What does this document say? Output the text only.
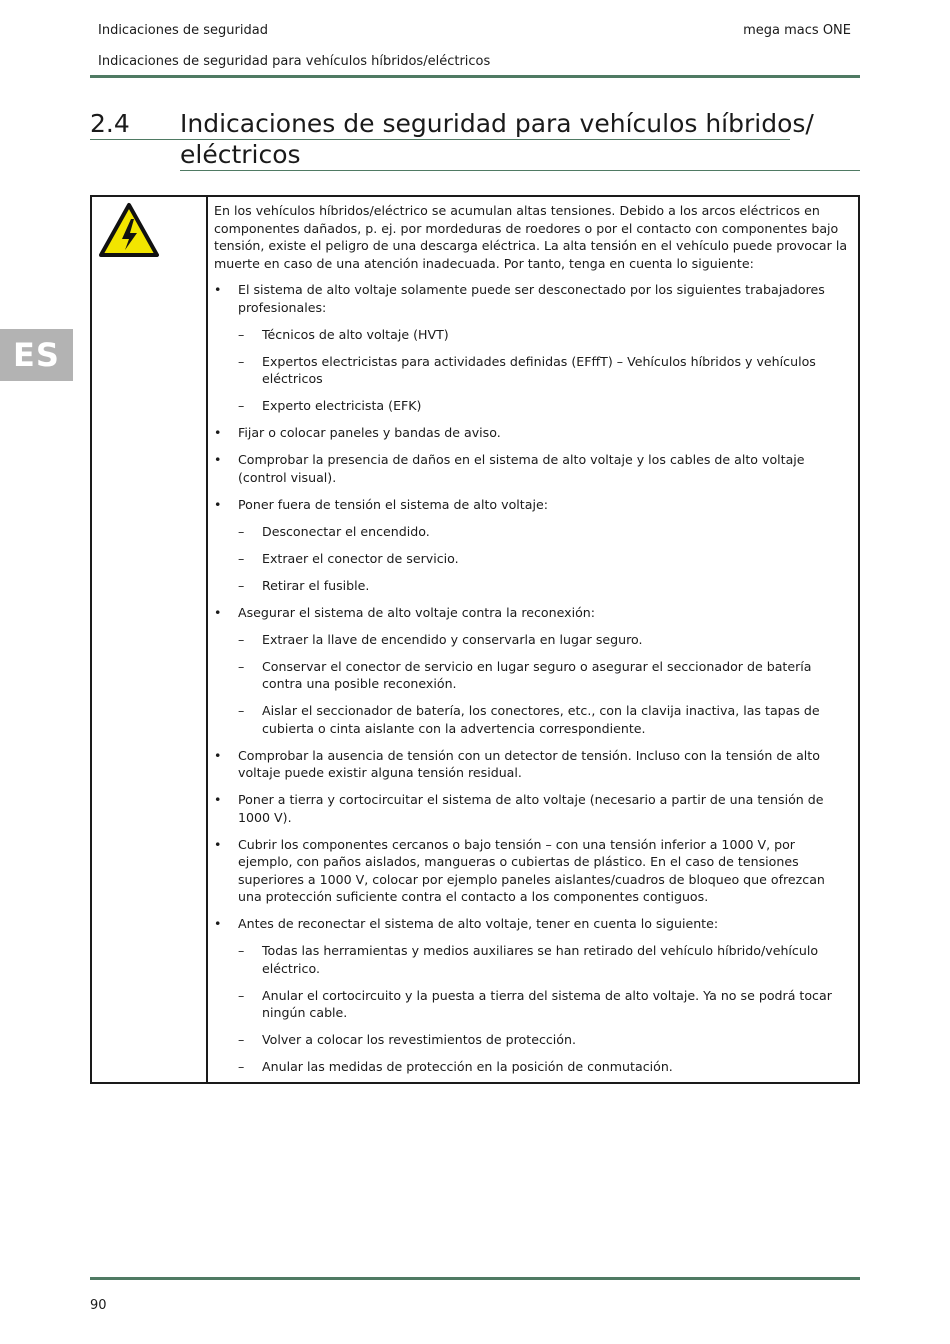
Indicaciones de seguridad	mega macs ONE
Indicaciones de seguridad para vehículos híbridos/eléctricos
ES
2.4 Indicaciones de seguridad para vehículos híbridos/
eléctricos

En los vehículos híbridos/eléctrico se acumulan altas tensiones. Debido a los arcos eléctricos en componentes dañados, p. ej. por mordeduras de roedores o por el contacto con componentes bajo tensión, existe el peligro de una descarga eléctrica. La alta tensión en el vehículo puede provocar la muerte en caso de una atención inadecuada. Por tanto, tenga en cuenta lo siguiente:

• El sistema de alto voltaje solamente puede ser desconectado por los siguientes trabajadores profesionales:
– Técnicos de alto voltaje (HVT)
– Expertos electricistas para actividades definidas (EFffT) – Vehículos híbridos y vehículos eléctricos
– Experto electricista (EFK)
• Fijar o colocar paneles y bandas de aviso.
• Comprobar la presencia de daños en el sistema de alto voltaje y los cables de alto voltaje (control visual).
• Poner fuera de tensión el sistema de alto voltaje:
– Desconectar el encendido.
– Extraer el conector de servicio.
– Retirar el fusible.
• Asegurar el sistema de alto voltaje contra la reconexión:
– Extraer la llave de encendido y conservarla en lugar seguro.
– Conservar el conector de servicio en lugar seguro o asegurar el seccionador de batería contra una posible reconexión.
– Aislar el seccionador de batería, los conectores, etc., con la clavija inactiva, las tapas de cubierta o cinta aislante con la advertencia correspondiente.
• Comprobar la ausencia de tensión con un detector de tensión. Incluso con la tensión de alto voltaje puede existir alguna tensión residual.
• Poner a tierra y cortocircuitar el sistema de alto voltaje (necesario a partir de una tensión de 1000 V).
• Cubrir los componentes cercanos o bajo tensión – con una tensión inferior a 1000 V, por ejemplo, con paños aislados, mangueras o cubiertas de plástico. En el caso de tensiones superiores a 1000 V, colocar por ejemplo paneles aislantes/cuadros de bloqueo que ofrezcan una protección suficiente contra el contacto a los componentes contiguos.
• Antes de reconectar el sistema de alto voltaje, tener en cuenta lo siguiente:
– Todas las herramientas y medios auxiliares se han retirado del vehículo híbrido/vehículo eléctrico.
– Anular el cortocircuito y la puesta a tierra del sistema de alto voltaje. Ya no se podrá tocar ningún cable.
– Volver a colocar los revestimientos de protección.
– Anular las medidas de protección en la posición de conmutación.
90
